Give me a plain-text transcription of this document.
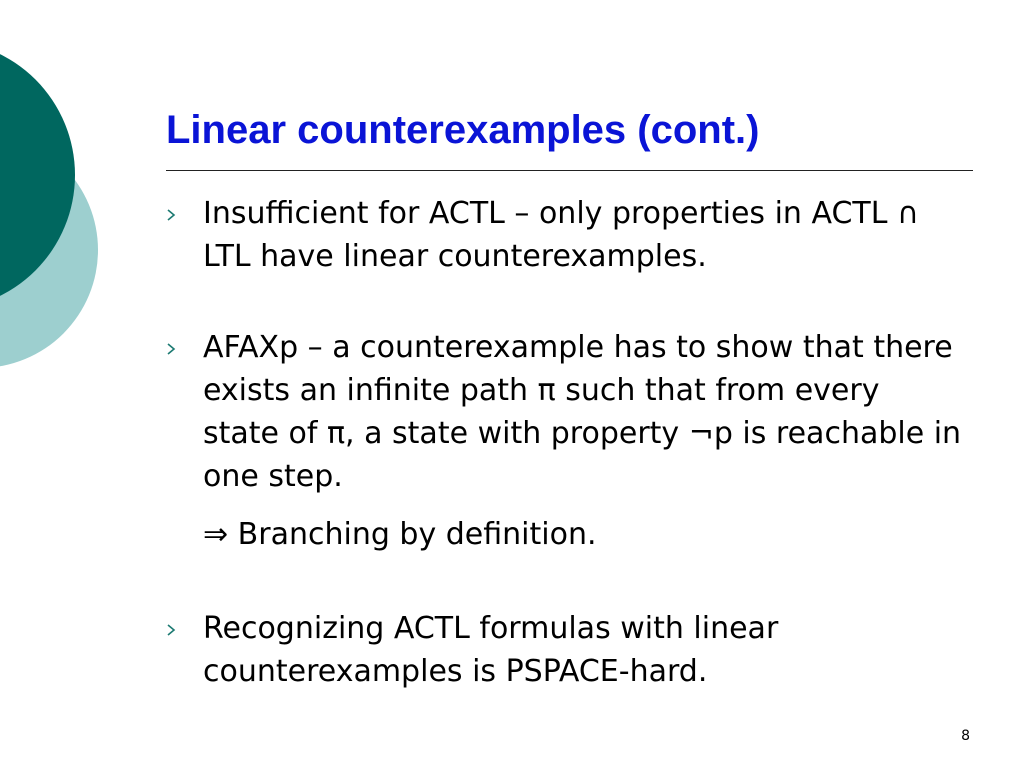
Linear counterexamples (cont.)
Insufficient for ACTL – only properties in ACTL ∩ LTL have linear counterexamples.
AFAXp – a counterexample has to show that there exists an infinite path π such that from every state of π, a state with property ¬p is reachable in one step.
Recognizing ACTL formulas with linear counterexamples is PSPACE-hard.

⇒ Branching by definition.

8
